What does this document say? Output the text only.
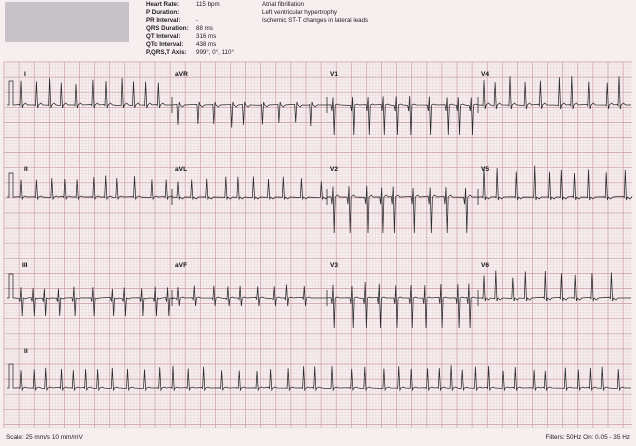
Heart Rate:	115 bpm
P Duration:
PR Interval:	-
QRS Duration: 88 ms
QT Interval:	316 ms
QTc Interval: 438 ms
P,QRS,T Axis: 999°, 0°, 110°
Atrial fibrillation
Left ventricular hypertrophy
Ischemic ST-T changes in lateral leads
I	aVR	V1	V4
II	aVL	V2	V5
III	aVF	V3	V6
II
Scale: 25 mm/s 10 mm/mV	Filters: 50Hz On: 0.05 - 35 Hz
